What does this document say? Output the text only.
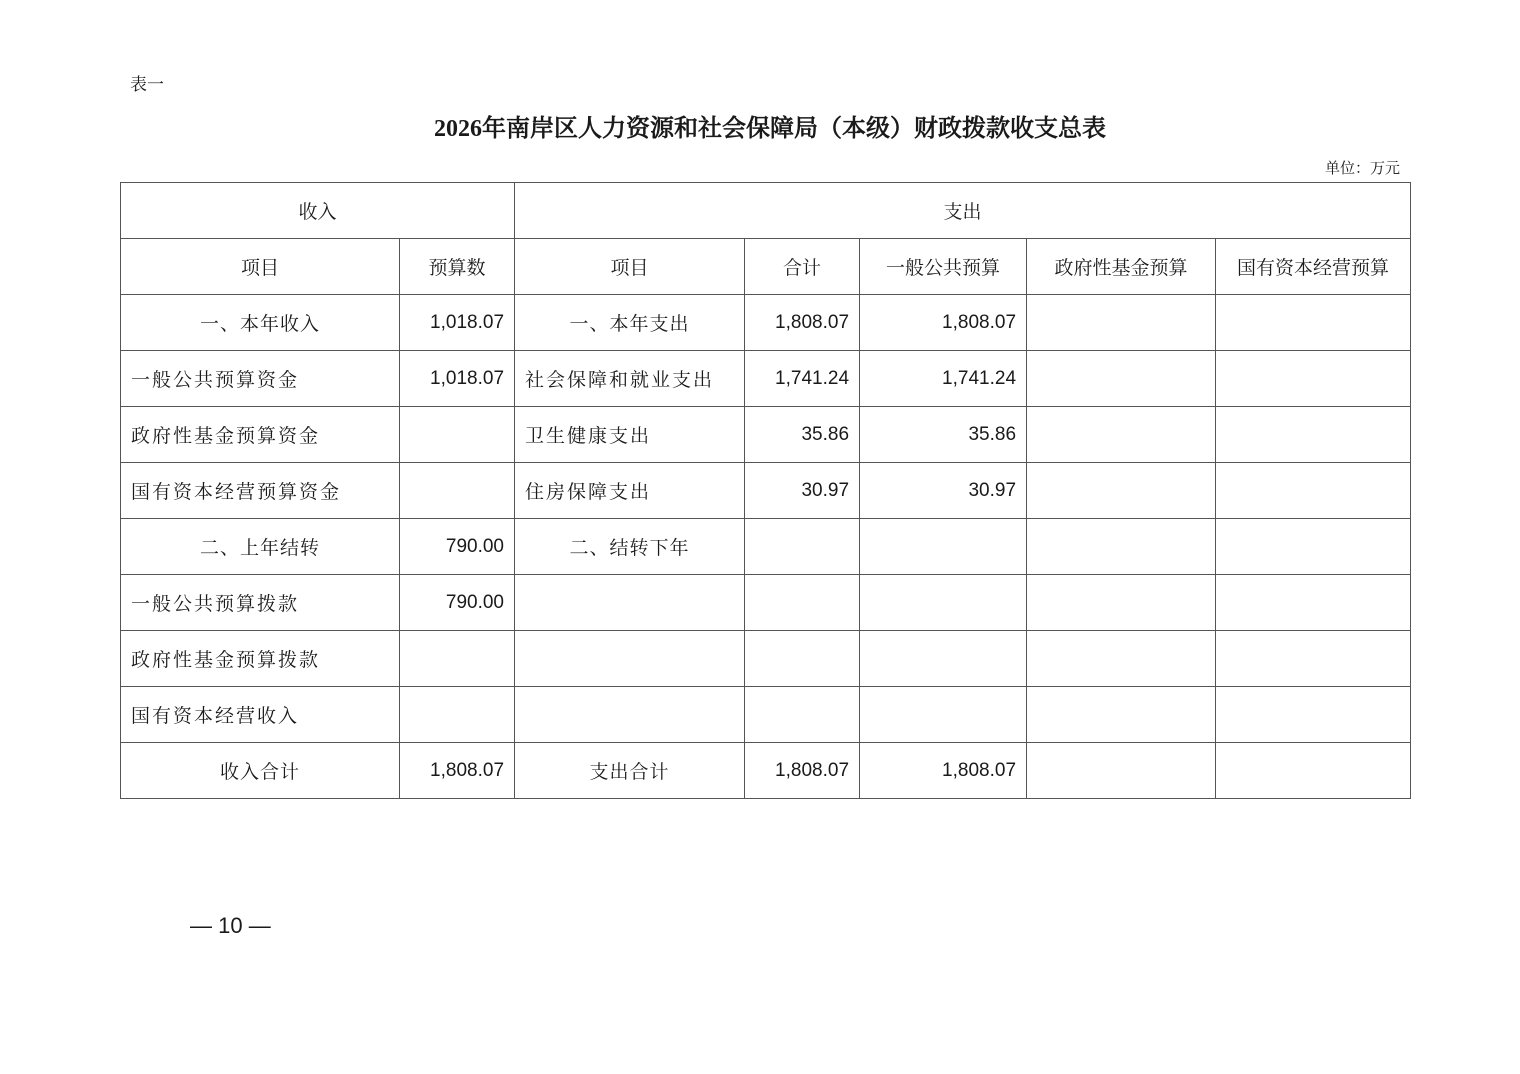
表一
2026年南岸区人力资源和社会保障局（本级）财政拨款收支总表
单位：万元
收入		支出				
项目	预算数	项目	合计	一般公共预算	政府性基金预算	国有资本经营预算
一、本年收入	1,018.07	一、本年支出	1,808.07	1,808.07		
一般公共预算资金	1,018.07	社会保障和就业支出	1,741.24	1,741.24		
政府性基金预算资金		卫生健康支出	35.86	35.86		
国有资本经营预算资金		住房保障支出	30.97	30.97		
二、上年结转	790.00	二、结转下年				
一般公共预算拨款	790.00					
政府性基金预算拨款						
国有资本经营收入						
收入合计	1,808.07	支出合计	1,808.07	1,808.07		
— 10 —
